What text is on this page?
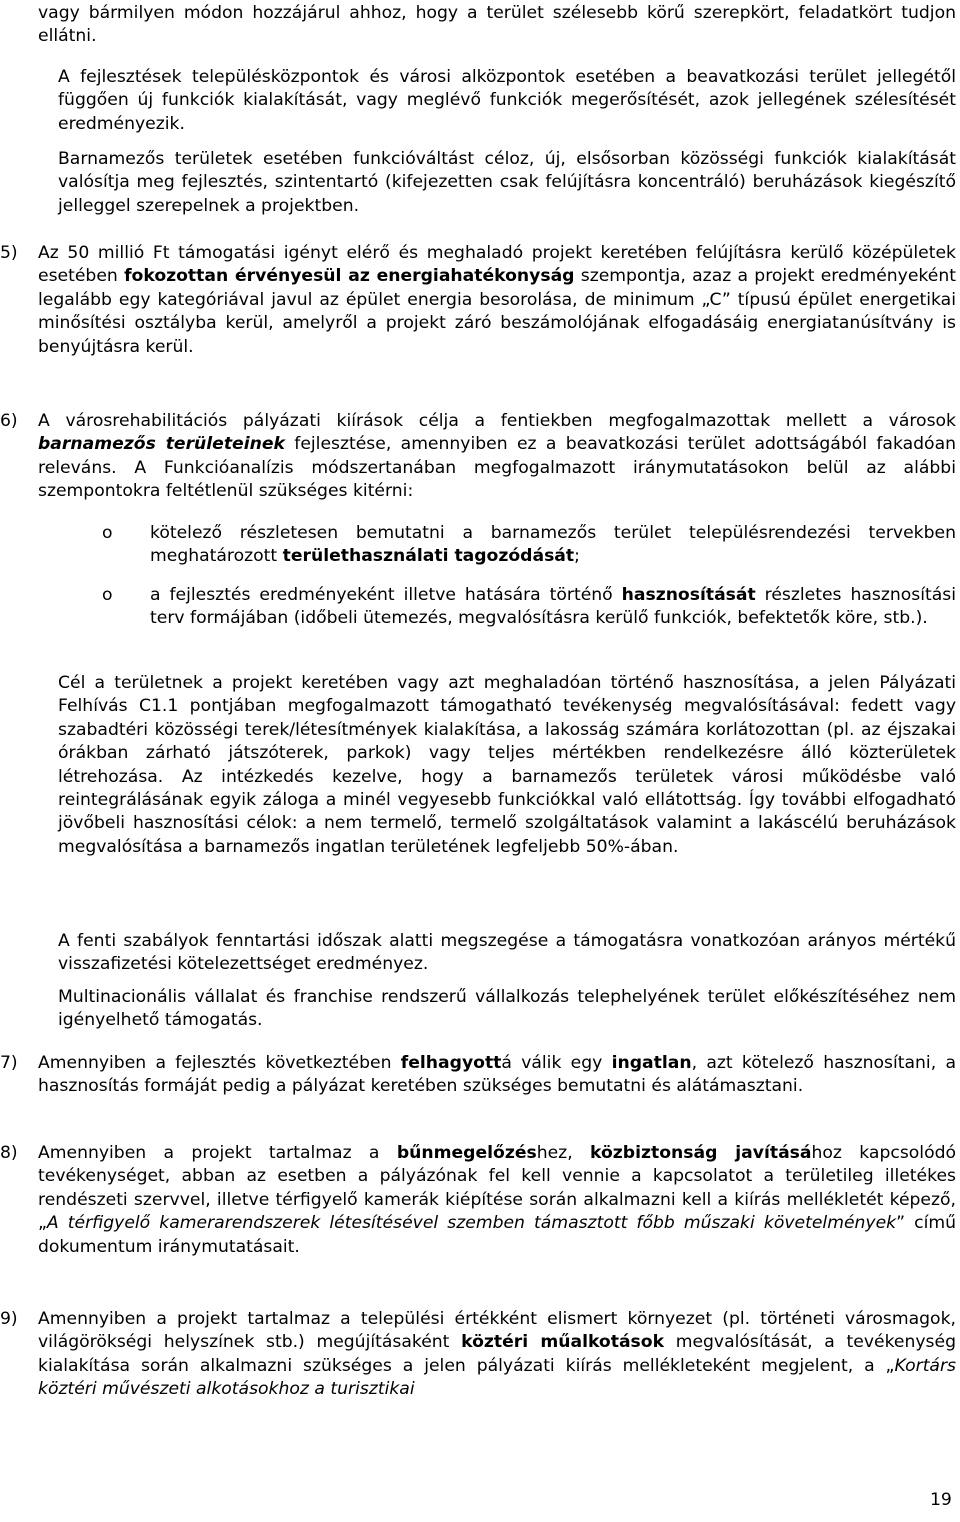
vagy bármilyen módon hozzájárul ahhoz, hogy a terület szélesebb körű szerepkört, feladatkört tudjon ellátni.

A fejlesztések településközpontok és városi alközpontok esetében a beavatkozási terület jellegétől függően új funkciók kialakítását, vagy meglévő funkciók megerősítését, azok jellegének szélesítését eredményezik.

Barnamezős területek esetében funkcióváltást céloz, új, elsősorban közösségi funkciók kialakítását valósítja meg fejlesztés, szintentartó (kifejezetten csak felújításra koncentráló) beruházások kiegészítő jelleggel szerepelnek a projektben.

5) Az 50 millió Ft támogatási igényt elérő és meghaladó projekt keretében felújításra kerülő középületek esetében fokozottan érvényesül az energiahatékonyság szempontja, azaz a projekt eredményeként legalább egy kategóriával javul az épület energia besorolása, de minimum „C” típusú épület energetikai minősítési osztályba kerül, amelyről a projekt záró beszámolójának elfogadásáig energiatanúsítvány is benyújtásra kerül.

6) A városrehabilitációs pályázati kiírások célja a fentiekben megfogalmazottak mellett a városok barnamezős területeinek fejlesztése, amennyiben ez a beavatkozási terület adottságából fakadóan releváns. A Funkcióanalízis módszertanában megfogalmazott iránymutatásokon belül az alábbi szempontokra feltétlenül szükséges kitérni:

o kötelező részletesen bemutatni a barnamezős terület településrendezési tervekben meghatározott területhasználati tagozódását;

o a fejlesztés eredményeként illetve hatására történő hasznosítását részletes hasznosítási terv formájában (időbeli ütemezés, megvalósításra kerülő funkciók, befektetők köre, stb.).

Cél a területnek a projekt keretében vagy azt meghaladóan történő hasznosítása, a jelen Pályázati Felhívás C1.1 pontjában megfogalmazott támogatható tevékenység megvalósításával: fedett vagy szabadtéri közösségi terek/létesítmények kialakítása, a lakosság számára korlátozottan (pl. az éjszakai órákban zárható játszóterek, parkok) vagy teljes mértékben rendelkezésre álló közterületek létrehozása. Az intézkedés kezelve, hogy a barnamezős területek városi működésbe való reintegrálásának egyik záloga a minél vegyesebb funkciókkal való ellátottság. Így további elfogadható jövőbeli hasznosítási célok: a nem termelő, termelő szolgáltatások valamint a lakáscélú beruházások megvalósítása a barnamezős ingatlan területének legfeljebb 50%-ában.

A fenti szabályok fenntartási időszak alatti megszegése a támogatásra vonatkozóan arányos mértékű visszafizetési kötelezettséget eredményez.

Multinacionális vállalat és franchise rendszerű vállalkozás telephelyének terület előkészítéséhez nem igényelhető támogatás.

7) Amennyiben a fejlesztés következtében felhagyottá válik egy ingatlan, azt kötelező hasznosítani, a hasznosítás formáját pedig a pályázat keretében szükséges bemutatni és alátámasztani.

8) Amennyiben a projekt tartalmaz a bűnmegelőzéshez, közbiztonság javításához kapcsolódó tevékenységet, abban az esetben a pályázónak fel kell vennie a kapcsolatot a területileg illetékes rendészeti szervvel, illetve térfigyelő kamerák kiépítése során alkalmazni kell a kiírás mellékletét képező, „A térfigyelő kamerarendszerek létesítésével szemben támasztott főbb műszaki követelmények” című dokumentum iránymutatásait.

9) Amennyiben a projekt tartalmaz a települési értékként elismert környezet (pl. történeti városmagok, világörökségi helyszínek stb.) megújításaként köztéri műalkotások megvalósítását, a tevékenység kialakítása során alkalmazni szükséges a jelen pályázati kiírás mellékleteként megjelent, a „Kortárs köztéri művészeti alkotásokhoz a turisztikai

19
